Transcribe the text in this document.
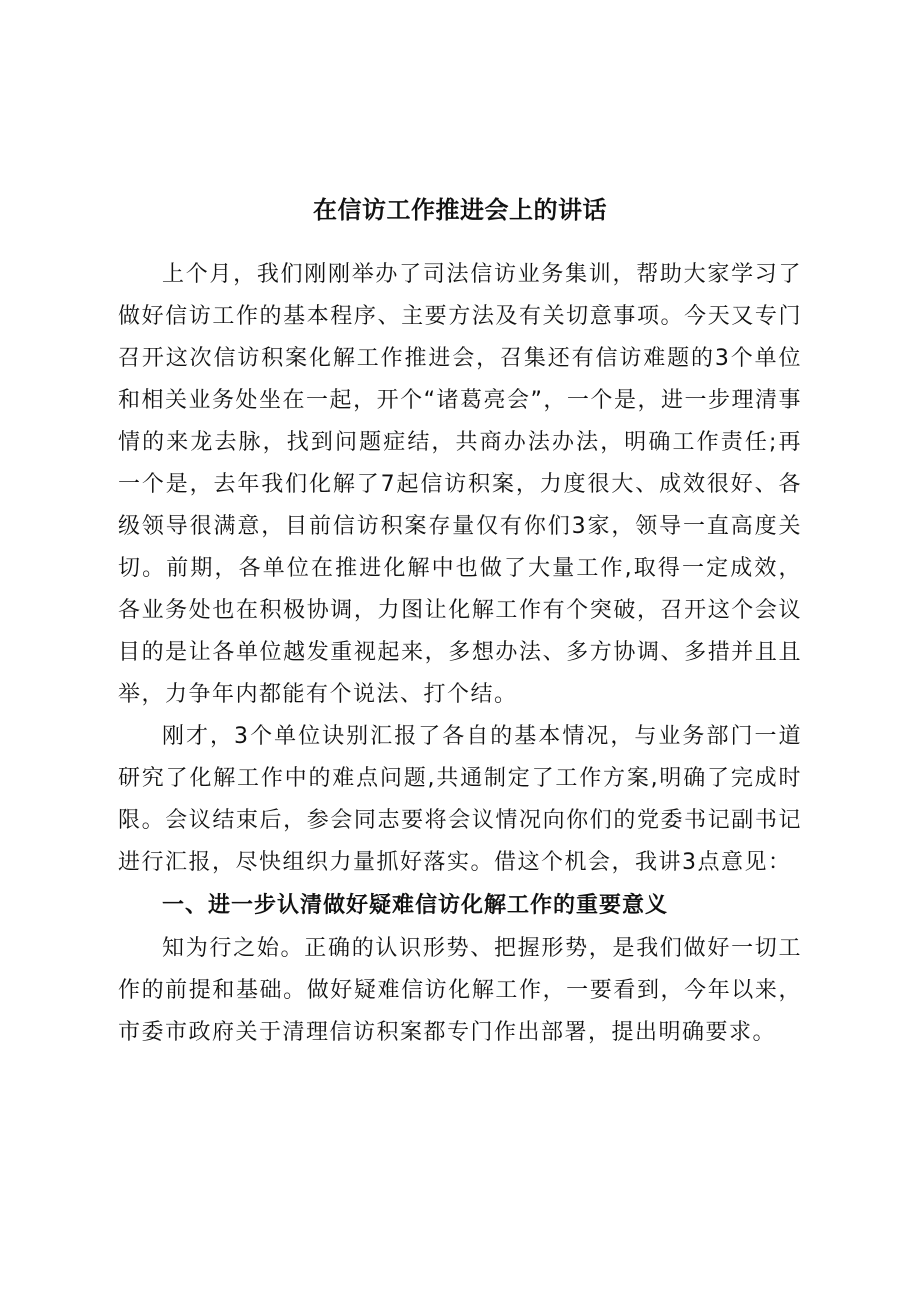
在信访工作推进会上的讲话

上个月，我们刚刚举办了司法信访业务集训，帮助大家学习了做好信访工作的基本程序、主要方法及有关切意事项。今天又专门召开这次信访积案化解工作推进会，召集还有信访难题的3个单位和相关业务处坐在一起，开个“诸葛亮会”，一个是，进一步理清事情的来龙去脉，找到问题症结，共商办法办法，明确工作责任;再一个是，去年我们化解了7起信访积案，力度很大、成效很好、各级领导很满意，目前信访积案存量仅有你们3家，领导一直高度关切。前期，各单位在推进化解中也做了大量工作,取得一定成效，各业务处也在积极协调，力图让化解工作有个突破，召开这个会议目的是让各单位越发重视起来，多想办法、多方协调、多措并且且举，力争年内都能有个说法、打个结。

刚才，3个单位诀别汇报了各自的基本情况，与业务部门一道研究了化解工作中的难点问题,共通制定了工作方案,明确了完成时限。会议结束后，参会同志要将会议情况向你们的党委书记副书记进行汇报，尽快组织力量抓好落实。借这个机会，我讲3点意见：

一、进一步认清做好疑难信访化解工作的重要意义

知为行之始。正确的认识形势、把握形势，是我们做好一切工作的前提和基础。做好疑难信访化解工作，一要看到，今年以来，市委市政府关于清理信访积案都专门作出部署，提出明确要求。
